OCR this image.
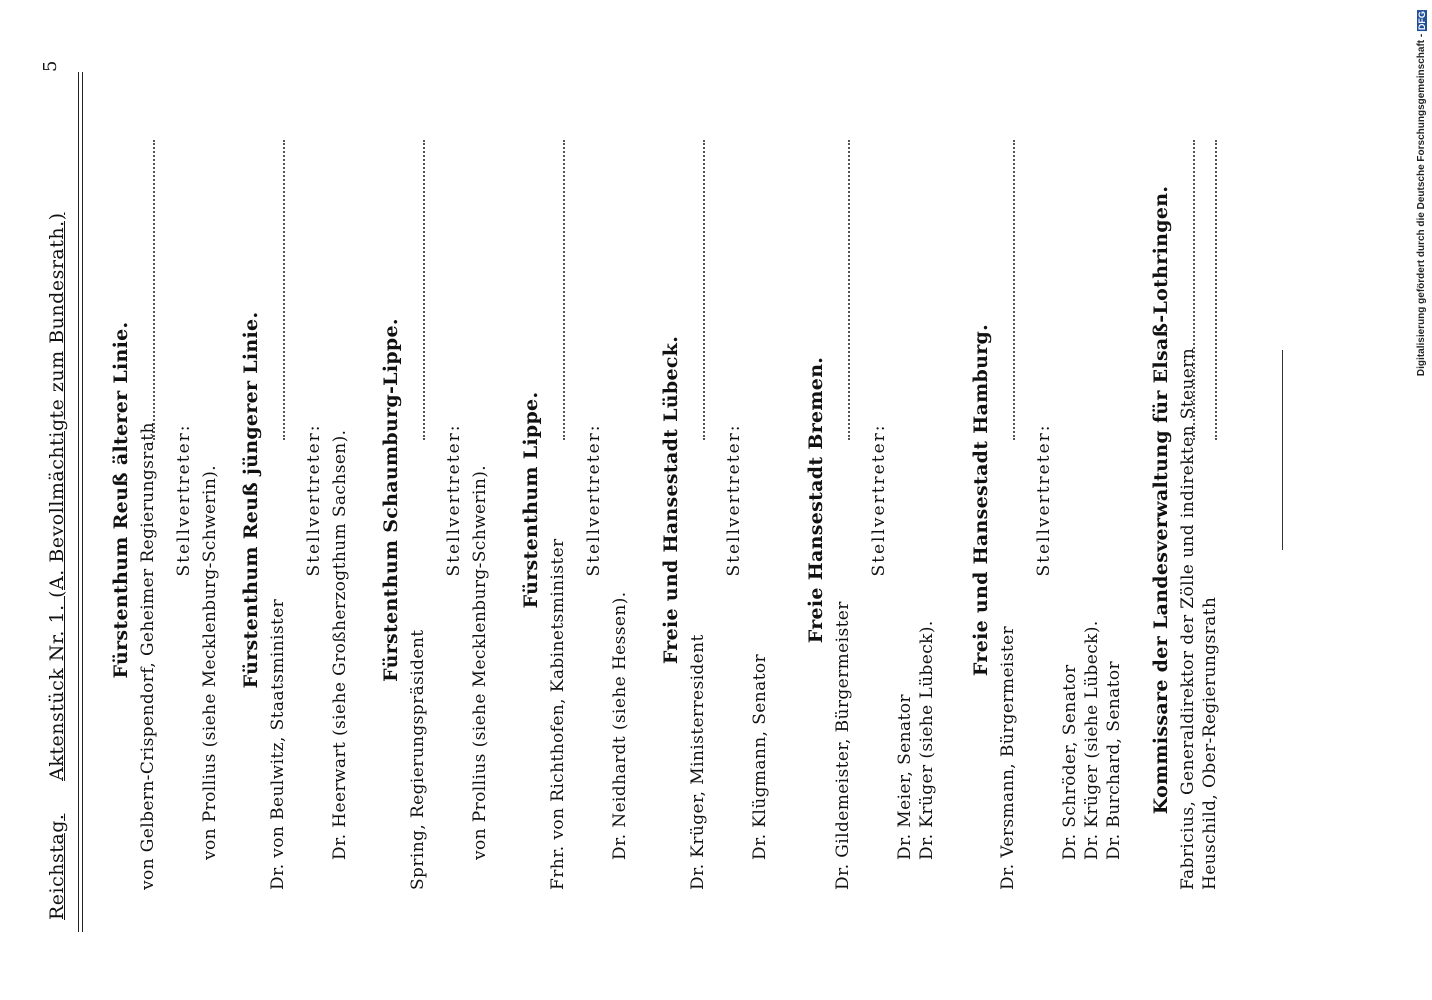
Reichstag.     Aktenstück Nr. 1. (A. Bevollmächtigte zum Bundesrath.)
5
Fürstenthum Reuß älterer Linie. von Gelbern-Crispendorf, Geheimer Regierungsrath Stellvertreter: von Prollius (siehe Mecklenburg-Schwerin). Fürstenthum Reuß jüngerer Linie.
Dr. von Beulwitz, Staatsminister
Stellvertreter: Dr. Heerwart (siehe Großherzogthum Sachsen). Fürstenthum Schaumburg-Lippe.
Spring, Regierungspräsident
Stellvertreter: von Prollius (siehe Mecklenburg-Schwerin). Fürstenthum Lippe.
Frhr. von Richthofen, Kabinetsminister
Stellvertreter:
Dr. Neidhardt (siehe Hessen).
Freie und Hansestadt Lübeck.
Dr. Krüger, Ministerresident
Stellvertreter:
Dr. Klügmann, Senator
Freie Hansestadt Bremen.
Dr. Gildemeister, Bürgermeister
Stellvertreter:
Dr. Meier, Senator Dr. Krüger (siehe Lübeck).
Freie und Hansestadt Hamburg.
Dr. Versmann, Bürgermeister
Stellvertreter:
Dr. Schröder, Senator Dr. Krüger (siehe Lübeck). Dr. Burchard, Senator Kommissare der Landesverwaltung für Elsaß-Lothringen. Fabricius, Generaldirektor der Zölle und indirekten Steuern Heuschild, Ober-Regierungsrath
Digitalisierung gefördert durch die Deutsche Forschungsgemeinschaft - DFG
